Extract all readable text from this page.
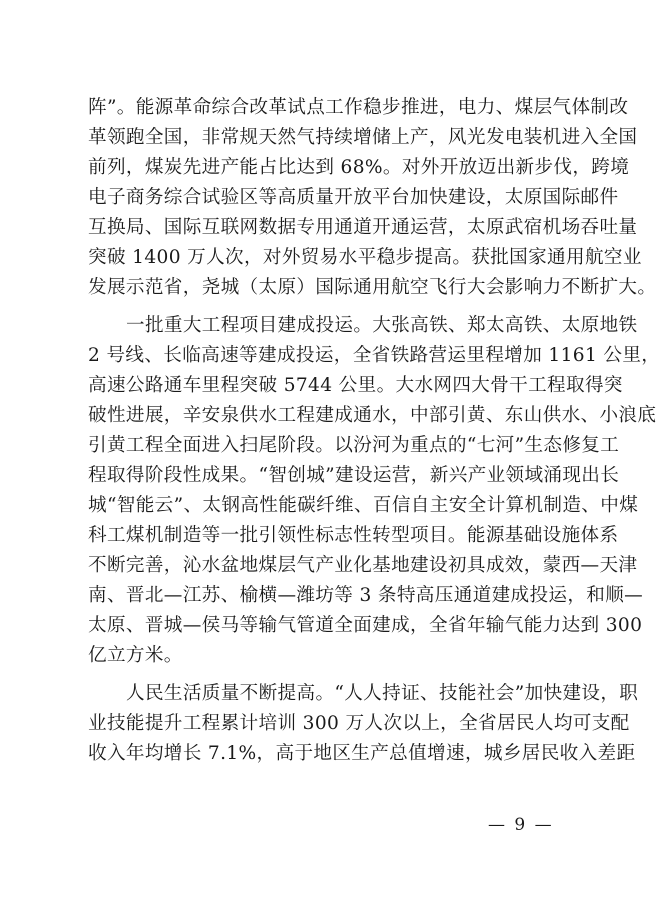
阵”。能源革命综合改革试点工作稳步推进，电力、煤层气体制改
革领跑全国，非常规天然气持续增储上产，风光发电装机进入全国
前列，煤炭先进产能占比达到 68%。对外开放迈出新步伐，跨境
电子商务综合试验区等高质量开放平台加快建设，太原国际邮件
互换局、国际互联网数据专用通道开通运营，太原武宿机场吞吐量
突破 1400 万人次，对外贸易水平稳步提高。获批国家通用航空业
发展示范省，尧城（太原）国际通用航空飞行大会影响力不断扩大。
一批重大工程项目建成投运。大张高铁、郑太高铁、太原地铁
2 号线、长临高速等建成投运，全省铁路营运里程增加 1161 公里，
高速公路通车里程突破 5744 公里。大水网四大骨干工程取得突
破性进展，辛安泉供水工程建成通水，中部引黄、东山供水、小浪底
引黄工程全面进入扫尾阶段。以汾河为重点的“七河”生态修复工
程取得阶段性成果。“智创城”建设运营，新兴产业领域涌现出长
城“智能云”、太钢高性能碳纤维、百信自主安全计算机制造、中煤
科工煤机制造等一批引领性标志性转型项目。能源基础设施体系
不断完善，沁水盆地煤层气产业化基地建设初具成效，蒙西—天津
南、晋北—江苏、榆横—潍坊等 3 条特高压通道建成投运，和顺—
太原、晋城—侯马等输气管道全面建成，全省年输气能力达到 300
亿立方米。
人民生活质量不断提高。“人人持证、技能社会”加快建设，职
业技能提升工程累计培训 300 万人次以上，全省居民人均可支配
收入年均增长 7.1%，高于地区生产总值增速，城乡居民收入差距
— 9 —
